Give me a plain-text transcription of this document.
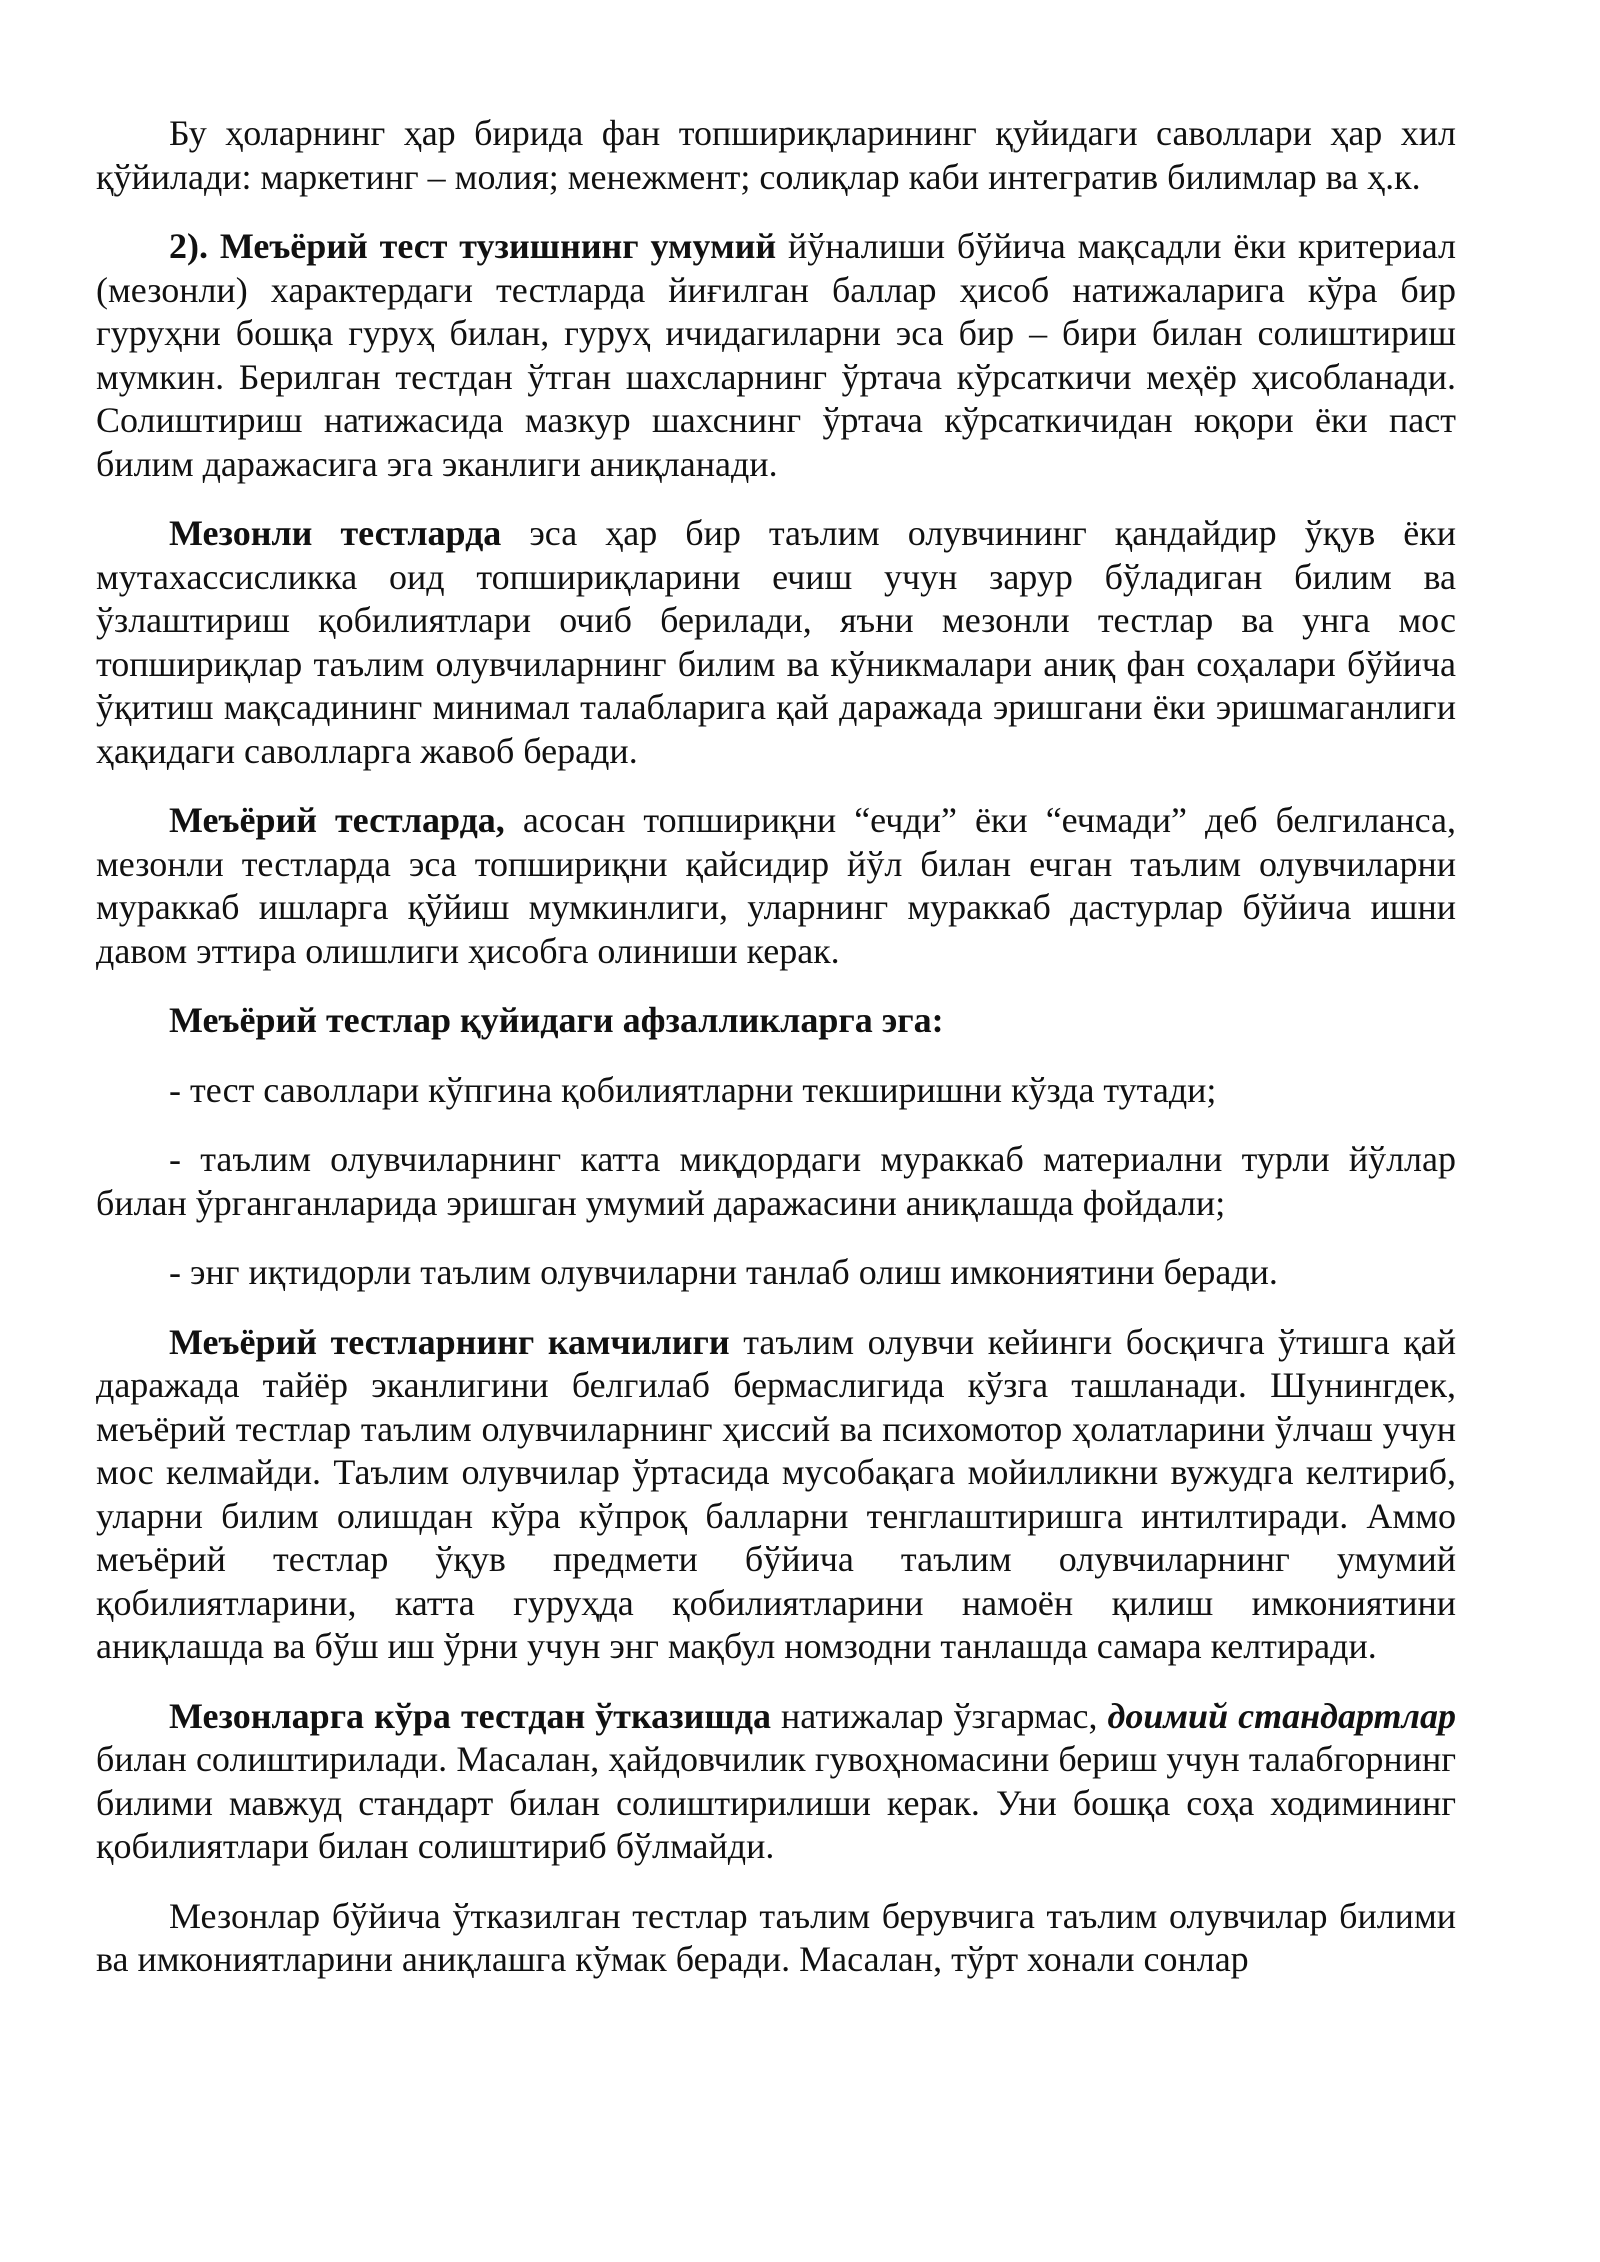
Бу ҳоларнинг ҳар бирида фан топшириқларининг қуйидаги саволлари ҳар хил қўйилади: маркетинг – молия; менежмент; солиқлар каби интегратив билимлар ва ҳ.к.

2). Меъёрий тест тузишнинг умумий йўналиши бўйича мақсадли ёки критериал (мезонли) характердаги тестларда йиғилган баллар ҳисоб натижаларига кўра бир гуруҳни бошқа гуруҳ билан, гуруҳ ичидагиларни эса бир – бири билан солиштириш мумкин. Берилган тестдан ўтган шахсларнинг ўртача кўрсаткичи меҳёр ҳисобланади. Солиштириш натижасида мазкур шахснинг ўртача кўрсаткичидан юқори ёки паст билим даражасига эга эканлиги аниқланади.

Мезонли тестларда эса ҳар бир таълим олувчининг қандайдир ўқув ёки мутахассисликка оид топшириқларини ечиш учун зарур бўладиган билим ва ўзлаштириш қобилиятлари очиб берилади, яъни мезонли тестлар ва унга мос топшириқлар таълим олувчиларнинг билим ва кўникмалари аниқ фан соҳалари бўйича ўқитиш мақсадининг минимал талабларига қай даражада эришгани ёки эришмаганлиги ҳақидаги саволларга жавоб беради.

Меъёрий тестларда, асосан топшириқни “ечди” ёки “ечмади” деб белгиланса, мезонли тестларда эса топшириқни қайсидир йўл билан ечган таълим олувчиларни мураккаб ишларга қўйиш мумкинлиги, уларнинг мураккаб дастурлар бўйича ишни давом эттира олишлиги ҳисобга олиниши керак.

Меъёрий тестлар қуйидаги афзалликларга эга:

- тест саволлари кўпгина қобилиятларни текширишни кўзда тутади;

- таълим олувчиларнинг катта миқдордаги мураккаб материални турли йўллар билан ўрганганларида эришган умумий даражасини аниқлашда фойдали;

- энг иқтидорли таълим олувчиларни танлаб олиш имкониятини беради.

Меъёрий тестларнинг камчилиги таълим олувчи кейинги босқичга ўтишга қай даражада тайёр эканлигини белгилаб бермаслигида кўзга ташланади. Шунингдек, меъёрий тестлар таълим олувчиларнинг ҳиссий ва психомотор ҳолатларини ўлчаш учун мос келмайди. Таълим олувчилар ўртасида мусобақага мойилликни вужудга келтириб, уларни билим олишдан кўра кўпроқ балларни тенглаштиришга интилтиради. Аммо меъёрий тестлар ўқув предмети бўйича таълим олувчиларнинг умумий қобилиятларини, катта гуруҳда қобилиятларини намоён қилиш имкониятини аниқлашда ва бўш иш ўрни учун энг мақбул номзодни танлашда самара келтиради.

Мезонларга кўра тестдан ўтказишда натижалар ўзгармас, доимий стандартлар билан солиштирилади. Масалан, ҳайдовчилик гувоҳномасини бериш учун талабгорнинг билими мавжуд стандарт билан солиштирилиши керак. Уни бошқа соҳа ходимининг қобилиятлари билан солиштириб бўлмайди.

Мезонлар бўйича ўтказилган тестлар таълим берувчига таълим олувчилар билими ва имкониятларини аниқлашга кўмак беради. Масалан, тўрт хонали сонлар
